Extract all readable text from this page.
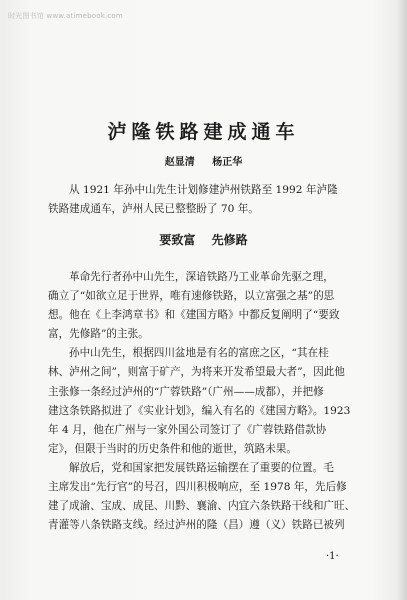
时光图书馆 www.atimebook.com
泸隆铁路建成通车
赵显清 杨正华
从 1921 年孙中山先生计划修建泸州铁路至 1992 年泸隆
铁路建成通车，泸州人民已整整盼了 70 年。
要致富 先修路
革命先行者孙中山先生，深谙铁路乃工业革命先驱之理，
确立了“如欲立足于世界，唯有速修铁路，以立富强之基”的思
想。他在《上李鸿章书》和《建国方略》中都反复阐明了“要致
富，先修路”的主张。
孙中山先生，根据四川盆地是有名的富庶之区，“其在桂
林、泸州之间”，则富于矿产，为将来开发希望最大者”，因此他
主张修一条经过泸州的“广蓉铁路”（广州——成都），并把修
建这条铁路拟进了《实业计划》，编入有名的《建国方略》。1923
年 4 月，他在广州与一家外国公司签订了《广蓉铁路借款协
定》，但限于当时的历史条件和他的逝世，筑路未果。
解放后，党和国家把发展铁路运输摆在了重要的位置。毛
主席发出“先行官”的号召，四川积极响应，至 1978 年，先后修
建了成渝、宝成、成昆、川黔、襄渝、内宜六条铁路干线和广旺、
青灌等八条铁路支线。经过泸州的隆（昌）遵（义）铁路已被列
·1·
